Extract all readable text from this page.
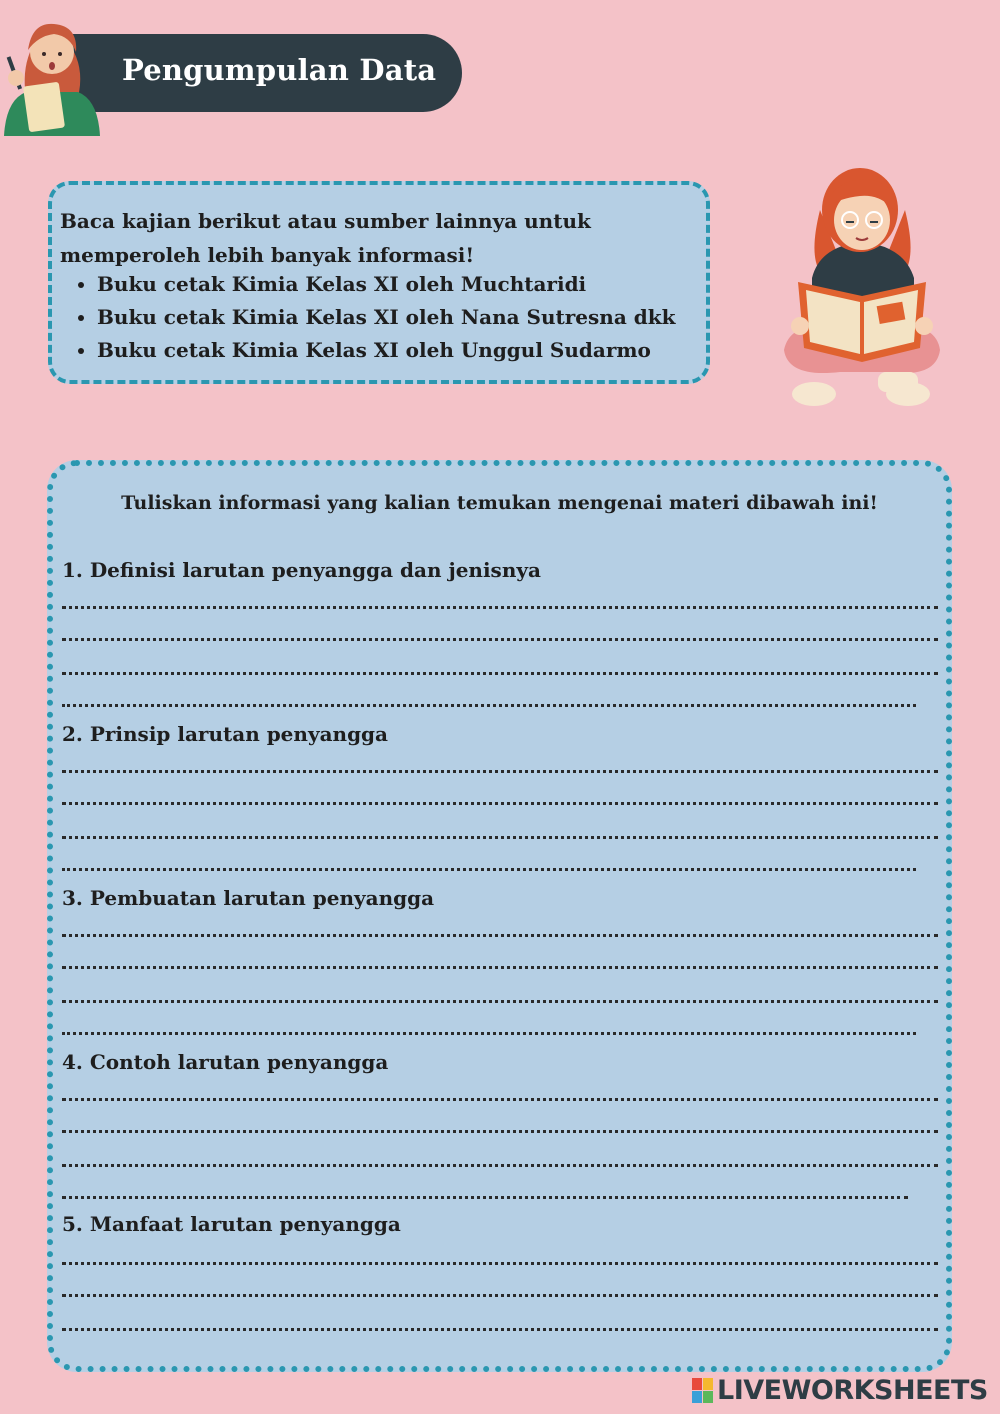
Pengumpulan Data

Baca kajian berikut atau sumber lainnya untuk memperoleh lebih banyak informasi!

• Buku cetak Kimia Kelas XI oleh Muchtaridi
• Buku cetak Kimia Kelas XI oleh Nana Sutresna dkk
• Buku cetak Kimia Kelas XI oleh Unggul Sudarmo
Tuliskan informasi yang kalian temukan mengenai materi dibawah ini!
1. Definisi larutan penyangga dan jenisnya
2. Prinsip larutan penyangga
3. Pembuatan larutan penyangga
4. Contoh larutan penyangga
5. Manfaat larutan penyangga
LIVEWORKSHEETS
